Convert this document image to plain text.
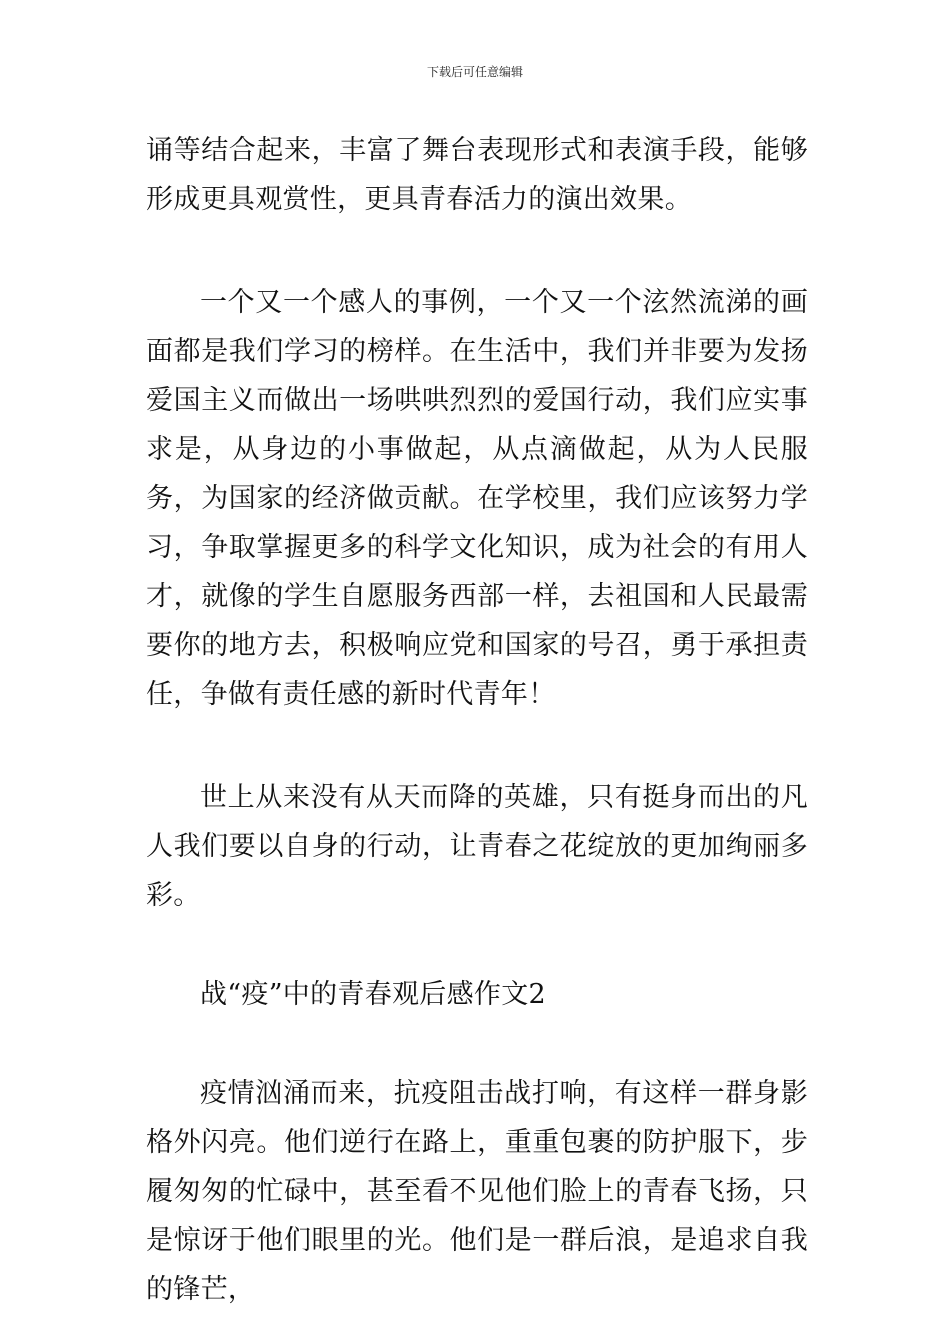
下载后可任意编辑

诵等结合起来，丰富了舞台表现形式和表演手段，能够形成更具观赏性，更具青春活力的演出效果。

一个又一个感人的事例，一个又一个泫然流涕的画面都是我们学习的榜样。在生活中，我们并非要为发扬爱国主义而做出一场哄哄烈烈的爱国行动，我们应实事求是，从身边的小事做起，从点滴做起，从为人民服务，为国家的经济做贡献。在学校里，我们应该努力学习，争取掌握更多的科学文化知识，成为社会的有用人才，就像的学生自愿服务西部一样，去祖国和人民最需要你的地方去，积极响应党和国家的号召，勇于承担责任，争做有责任感的新时代青年！

世上从来没有从天而降的英雄，只有挺身而出的凡人我们要以自身的行动，让青春之花绽放的更加绚丽多彩。

战“疫”中的青春观后感作文2

疫情汹涌而来，抗疫阻击战打响，有这样一群身影格外闪亮。他们逆行在路上，重重包裹的防护服下，步履匆匆的忙碌中，甚至看不见他们脸上的青春飞扬，只是惊讶于他们眼里的光。他们是一群后浪，是追求自我的锋芒，
